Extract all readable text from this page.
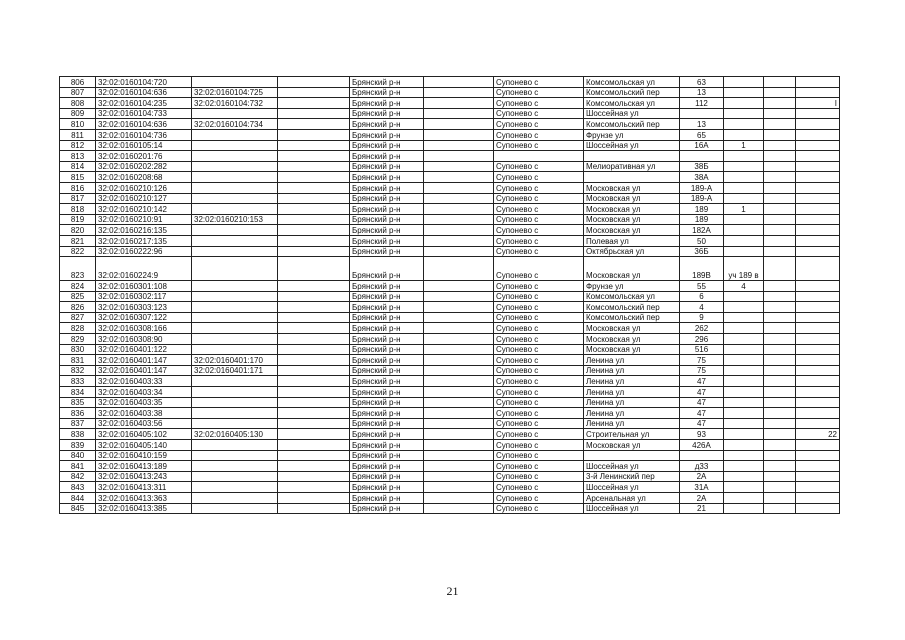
806	32:02:0160104:720			Брянский р-н		Супонево с	Комсомольская ул	63			
807	32:02:0160104:636	32:02:0160104:725		Брянский р-н		Супонево с	Комсомольский пер	13			
808	32:02:0160104:235	32:02:0160104:732		Брянский р-н		Супонево с	Комсомольская ул	112			I
809	32:02:0160104:733			Брянский р-н		Супонево с	Шоссейная ул				
810	32:02:0160104:636	32:02:0160104:734		Брянский р-н		Супонево с	Комсомольский пер	13			
811	32:02:0160104:736			Брянский р-н		Супонево с	Фрунзе ул	65			
812	32:02:0160105:14			Брянский р-н		Супонево с	Шоссейная ул	16А	1		
813	32:02:0160201:76			Брянский р-н							
814	32:02:0160202:282			Брянский р-н		Супонево с	Мелиоративная ул	38Б			
815	32:02:0160208:68			Брянский р-н		Супонево с		38А			
816	32:02:0160210:126			Брянский р-н		Супонево с	Московская ул	189-А			
817	32:02:0160210:127			Брянский р-н		Супонево с	Московская ул	189-А			
818	32:02:0160210:142			Брянский р-н		Супонево с	Московская ул	189	1		
819	32:02:0160210:91	32:02:0160210:153		Брянский р-н		Супонево с	Московская ул	189			
820	32:02:0160216:135			Брянский р-н		Супонево с	Московская ул	182А			
821	32:02:0160217:135			Брянский р-н		Супонево с	Полевая ул	50			
822	32:02:0160222:96			Брянский р-н		Супонево с	Октябрьская ул	36Б			
823	32:02:0160224:9			Брянский р-н		Супонево с	Московская ул	189В	уч 189 в		
824	32:02:0160301:108			Брянский р-н		Супонево с	Фрунзе ул	55	4		
825	32:02:0160302:117			Брянский р-н		Супонево с	Комсомольская ул	6			
826	32:02:0160303:123			Брянский р-н		Супонево с	Комсомольский пер	4			
827	32:02:0160307:122			Брянский р-н		Супонево с	Комсомольский пер	9			
828	32:02:0160308:166			Брянский р-н		Супонево с	Московская ул	262			
829	32:02:0160308:90			Брянский р-н		Супонево с	Московская ул	296			
830	32:02:0160401:122			Брянский р-н		Супонево с	Московская ул	516			
831	32:02:0160401:147	32:02:0160401:170		Брянский р-н		Супонево с	Ленина ул	75			
832	32:02:0160401:147	32:02:0160401:171		Брянский р-н		Супонево с	Ленина ул	75			
833	32:02:0160403:33			Брянский р-н		Супонево с	Ленина ул	47			
834	32:02:0160403:34			Брянский р-н		Супонево с	Ленина ул	47			
835	32:02:0160403:35			Брянский р-н		Супонево с	Ленина ул	47			
836	32:02:0160403:38			Брянский р-н		Супонево с	Ленина ул	47			
837	32:02:0160403:56			Брянский р-н		Супонево с	Ленина ул	47			
838	32:02:0160405:102	32:02:0160405:130		Брянский р-н		Супонево с	Строительная ул	93			22
839	32:02:0160405:140			Брянский р-н		Супонево с	Московская ул	426А			
840	32:02:0160410:159			Брянский р-н		Супонево с					
841	32:02:0160413:189			Брянский р-н		Супонево с	Шоссейная ул	д33			
842	32:02:0160413:243			Брянский р-н		Супонево с	3-й Ленинский пер	2А			
843	32:02:0160413:311			Брянский р-н		Супонево с	Шоссейная ул	31А			
844	32:02:0160413:363			Брянский р-н		Супонево с	Арсенальная ул	2А			
845	32:02:0160413:385			Брянский р-н		Супонево с	Шоссейная ул	21			
21
